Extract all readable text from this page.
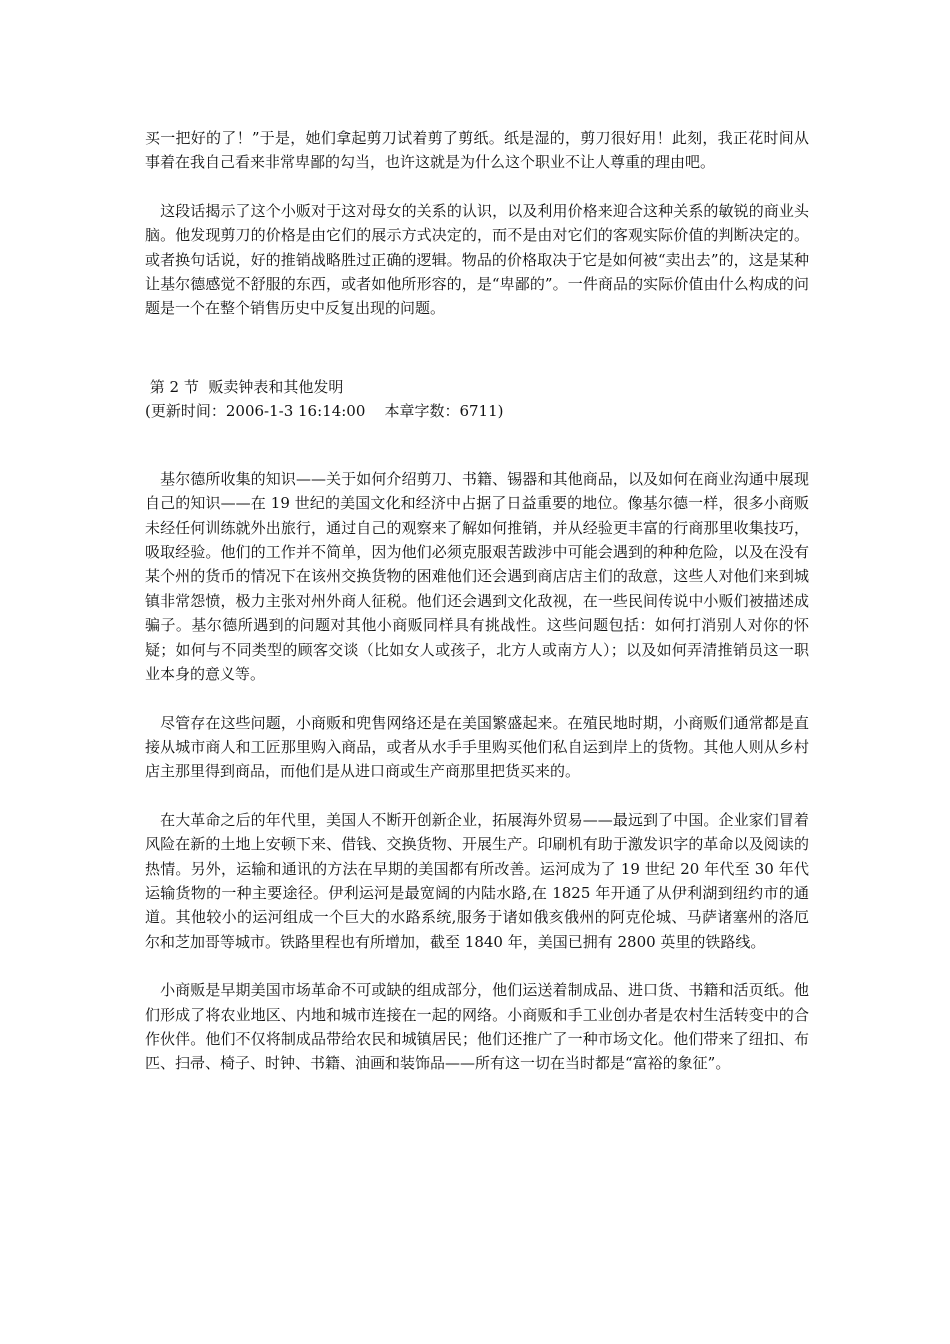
买一把好的了！”于是，她们拿起剪刀试着剪了剪纸。纸是湿的，剪刀很好用！此刻，我正花时间从事着在我自己看来非常卑鄙的勾当，也许这就是为什么这个职业不让人尊重的理由吧。

　这段话揭示了这个小贩对于这对母女的关系的认识，以及利用价格来迎合这种关系的敏锐的商业头脑。他发现剪刀的价格是由它们的展示方式决定的，而不是由对它们的客观实际价值的判断决定的。或者换句话说，好的推销战略胜过正确的逻辑。物品的价格取决于它是如何被“卖出去”的，这是某种让基尔德感觉不舒服的东西，或者如他所形容的，是“卑鄙的”。一件商品的实际价值由什么构成的问题是一个在整个销售历史中反复出现的问题。

第 2 节  贩卖钟表和其他发明
(更新时间：2006-1-3 16:14:00    本章字数：6711)

　基尔德所收集的知识——关于如何介绍剪刀、书籍、锡器和其他商品，以及如何在商业沟通中展现自己的知识——在 19 世纪的美国文化和经济中占据了日益重要的地位。像基尔德一样，很多小商贩未经任何训练就外出旅行，通过自己的观察来了解如何推销，并从经验更丰富的行商那里收集技巧，吸取经验。他们的工作并不简单，因为他们必须克服艰苦跋涉中可能会遇到的种种危险，以及在没有某个州的货币的情况下在该州交换货物的困难他们还会遇到商店店主们的敌意，这些人对他们来到城镇非常怨愤，极力主张对州外商人征税。他们还会遇到文化敌视，在一些民间传说中小贩们被描述成骗子。基尔德所遇到的问题对其他小商贩同样具有挑战性。这些问题包括：如何打消别人对你的怀疑；如何与不同类型的顾客交谈（比如女人或孩子，北方人或南方人）；以及如何弄清推销员这一职业本身的意义等。

　尽管存在这些问题，小商贩和兜售网络还是在美国繁盛起来。在殖民地时期，小商贩们通常都是直接从城市商人和工匠那里购入商品，或者从水手手里购买他们私自运到岸上的货物。其他人则从乡村店主那里得到商品，而他们是从进口商或生产商那里把货买来的。

　在大革命之后的年代里，美国人不断开创新企业，拓展海外贸易——最远到了中国。企业家们冒着风险在新的土地上安顿下来、借钱、交换货物、开展生产。印刷机有助于激发识字的革命以及阅读的热情。另外，运输和通讯的方法在早期的美国都有所改善。运河成为了 19 世纪 20 年代至 30 年代运输货物的一种主要途径。伊利运河是最宽阔的内陆水路,在 1825 年开通了从伊利湖到纽约市的通道。其他较小的运河组成一个巨大的水路系统,服务于诸如俄亥俄州的阿克伦城、马萨诸塞州的洛厄尔和芝加哥等城市。铁路里程也有所增加，截至 1840 年，美国已拥有 2800 英里的铁路线。

　小商贩是早期美国市场革命不可或缺的组成部分，他们运送着制成品、进口货、书籍和活页纸。他们形成了将农业地区、内地和城市连接在一起的网络。小商贩和手工业创办者是农村生活转变中的合作伙伴。他们不仅将制成品带给农民和城镇居民；他们还推广了一种市场文化。他们带来了纽扣、布匹、扫帚、椅子、时钟、书籍、油画和装饰品——所有这一切在当时都是“富裕的象征”。
